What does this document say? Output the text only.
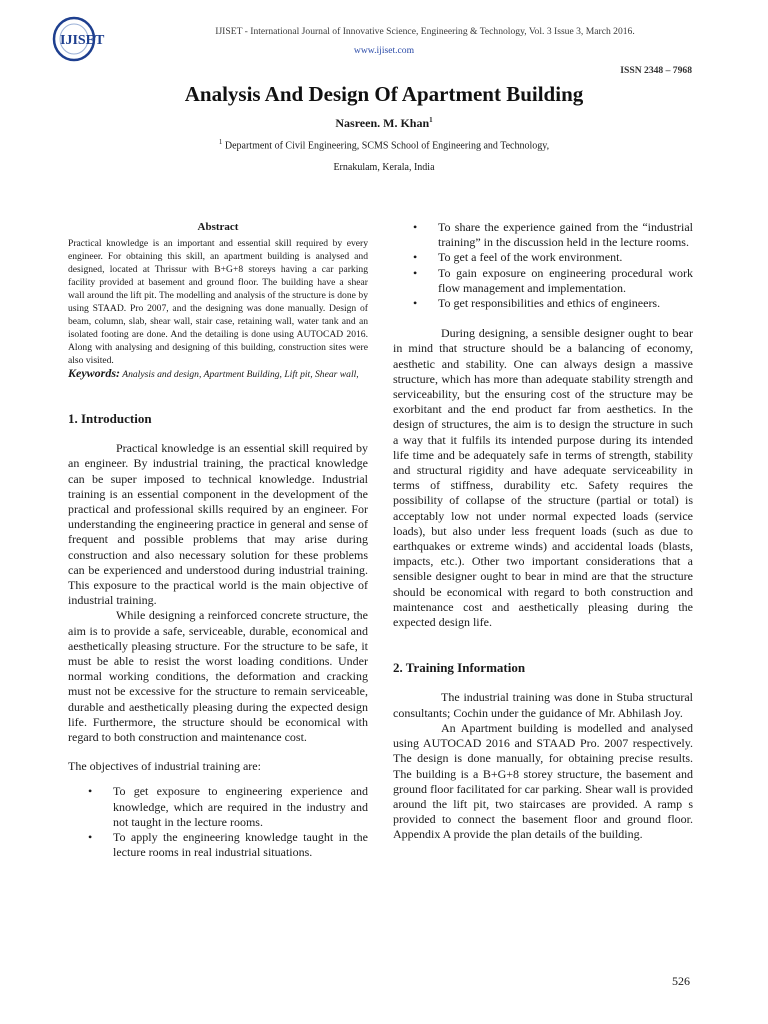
IJISET
IJISET - International Journal of Innovative Science, Engineering & Technology, Vol. 3 Issue 3, March 2016.
www.ijiset.com
ISSN 2348 – 7968
Analysis And Design Of Apartment Building
Nasreen. M. Khan$^1$
$^1$ Department of Civil Engineering, SCMS School of Engineering and Technology,
Ernakulam, Kerala, India
Abstract

Practical knowledge is an important and essential skill required by every engineer. For obtaining this skill, an apartment building is analysed and designed, located at Thrissur with B+G+8 storeys having a car parking facility provided at basement and ground floor. The building have a shear wall around the lift pit. The modelling and analysis of the structure is done by using STAAD. Pro 2007, and the designing was done manually. Design of beam, column, slab, shear wall, stair case, retaining wall, water tank and an isolated footing are done. And the detailing is done using AUTOCAD 2016. Along with analysing and designing of this building, construction sites were also visited.

Keywords: Analysis and design, Apartment Building, Lift pit, Shear wall,

1. Introduction

Practical knowledge is an essential skill required by an engineer. By industrial training, the practical knowledge can be super imposed to technical knowledge. Industrial training is an essential component in the development of the practical and professional skills required by an engineer. For understanding the engineering practice in general and sense of frequent and possible problems that may arise during construction and also necessary solution for these problems can be experienced and understood during industrial training. This exposure to the practical world is the main objective of industrial training.

While designing a reinforced concrete structure, the aim is to provide a safe, serviceable, durable, economical and aesthetically pleasing structure. For the structure to be safe, it must be able to resist the worst loading conditions. Under normal working conditions, the deformation and cracking must not be excessive for the structure to remain serviceable, durable and aesthetically pleasing during the expected design life. Furthermore, the structure should be economical with regard to both construction and maintenance cost.

The objectives of industrial training are:

• To get exposure to engineering experience and knowledge, which are required in the industry and not taught in the lecture rooms.
• To apply the engineering knowledge taught in the lecture rooms in real industrial situations.
• To share the experience gained from the “industrial training” in the discussion held in the lecture rooms.
• To get a feel of the work environment.
• To gain exposure on engineering procedural work flow management and implementation.
• To get responsibilities and ethics of engineers.

During designing, a sensible designer ought to bear in mind that structure should be a balancing of economy, aesthetic and stability. One can always design a massive structure, which has more than adequate stability strength and serviceability, but the ensuring cost of the structure may be exorbitant and the end product far from aesthetics. In the design of structures, the aim is to design the structure in such a way that it fulfils its intended purpose during its intended life time and be adequately safe in terms of strength, stability and structural rigidity and have adequate serviceability in terms of stiffness, durability etc. Safety requires the possibility of collapse of the structure (partial or total) is acceptably low not under normal expected loads (service loads), but also under less frequent loads (such as due to earthquakes or extreme winds) and accidental loads (blasts, impacts, etc.). Other two important considerations that a sensible designer ought to bear in mind are that the structure should be economical with regard to both construction and maintenance cost and aesthetically pleasing during the expected design life.

2. Training Information

The industrial training was done in Stuba structural consultants; Cochin under the guidance of Mr. Abhilash Joy.

An Apartment building is modelled and analysed using AUTOCAD 2016 and STAAD Pro. 2007 respectively. The design is done manually, for obtaining precise results. The building is a B+G+8 storey structure, the basement and ground floor facilitated for car parking. Shear wall is provided around the lift pit, two staircases are provided. A ramp s provided to connect the basement floor and ground floor. Appendix A provide the plan details of the building.

526
